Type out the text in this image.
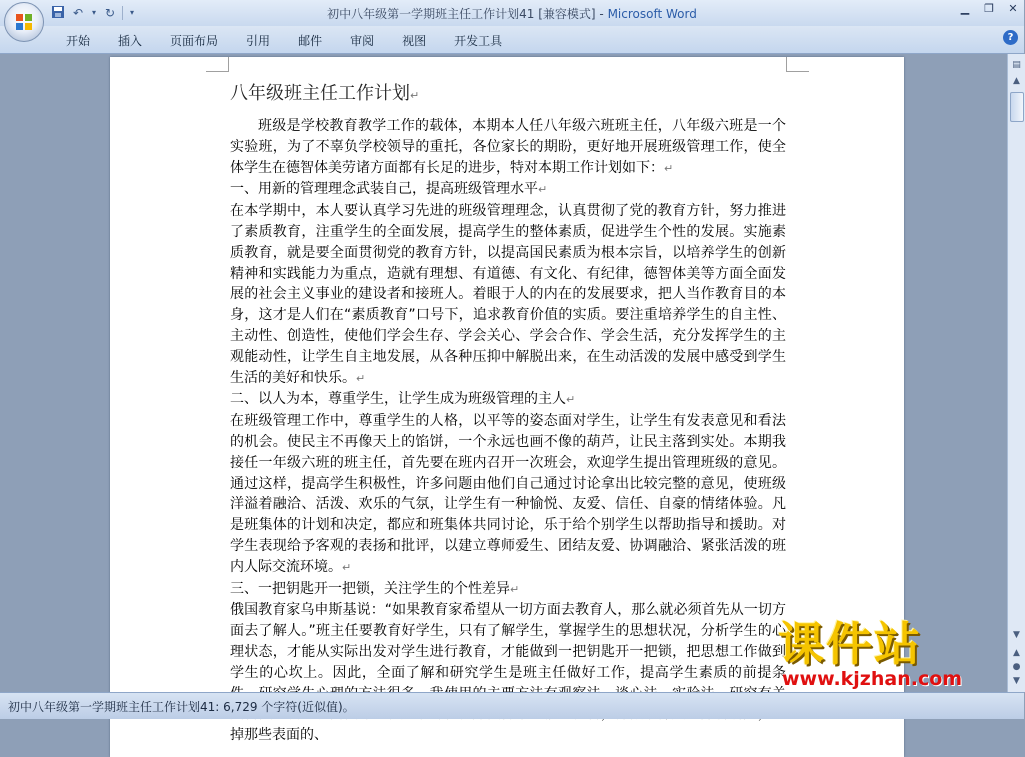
↶	▾ ↻	▾	初中八年级第一学期班主任工作计划41 [兼容模式] - Microsoft Word	▁ ❐ ✕
开始	插入	页面布局	引用	邮件	审阅	视图	开发工具	?

八年级班主任工作计划↵

班级是学校教育教学工作的载体，本期本人任八年级六班班主任，八年级六班是一个实验班，为了不辜负学校领导的重托，各位家长的期盼，更好地开展班级管理工作，使全体学生在德智体美劳诸方面都有长足的进步，特对本期工作计划如下：↵

一、用新的管理理念武装自己，提高班级管理水平↵

在本学期中，本人要认真学习先进的班级管理理念，认真贯彻了党的教育方针，努力推进了素质教育，注重学生的全面发展，提高学生的整体素质，促进学生个性的发展。实施素质教育，就是要全面贯彻党的教育方针，以提高国民素质为根本宗旨，以培养学生的创新精神和实践能力为重点，造就有理想、有道德、有文化、有纪律，德智体美等方面全面发展的社会主义事业的建设者和接班人。着眼于人的内在的发展要求，把人当作教育目的本身，这才是人们在“素质教育”口号下，追求教育价值的实质。要注重培养学生的自主性、主动性、创造性，使他们学会生存、学会关心、学会合作、学会生活，充分发挥学生的主观能动性，让学生自主地发展，从各种压抑中解脱出来，在生动活泼的发展中感受到学生生活的美好和快乐。↵

二、以人为本，尊重学生，让学生成为班级管理的主人↵

在班级管理工作中，尊重学生的人格，以平等的姿态面对学生，让学生有发表意见和看法的机会。使民主不再像天上的馅饼，一个永远也画不像的葫芦，让民主落到实处。本期我接任一年级六班的班主任，首先要在班内召开一次班会，欢迎学生提出管理班级的意见。通过这样，提高学生积极性，许多问题由他们自己通过讨论拿出比较完整的意见，使班级洋溢着融洽、活泼、欢乐的气氛，让学生有一种愉悦、友爱、信任、自豪的情绪体验。凡是班集体的计划和决定，都应和班集体共同讨论，乐于给个别学生以帮助指导和援助。对学生表现给予客观的表扬和批评，以建立尊师爱生、团结友爱、协调融洽、紧张活泼的班内人际交流环境。↵

三、一把钥匙开一把锁，关注学生的个性差异↵

俄国教育家乌申斯基说：“如果教育家希望从一切方面去教育人，那么就必须首先从一切方面去了解人。”班主任要教育好学生，只有了解学生，掌握学生的思想状况，分析学生的心理状态，才能从实际出发对学生进行教育，才能做到一把钥匙开一把锁，把思想工作做到学生的心坎上。因此，全面了解和研究学生是班主任做好工作，提高学生素质的前提条 掉那些表面的、

▤
▲
▼
▲
●
▼
初中八年级第一学期班主任工作计划41: 6,729 个字符(近似值)。
课件站
www.kjzhan.com
